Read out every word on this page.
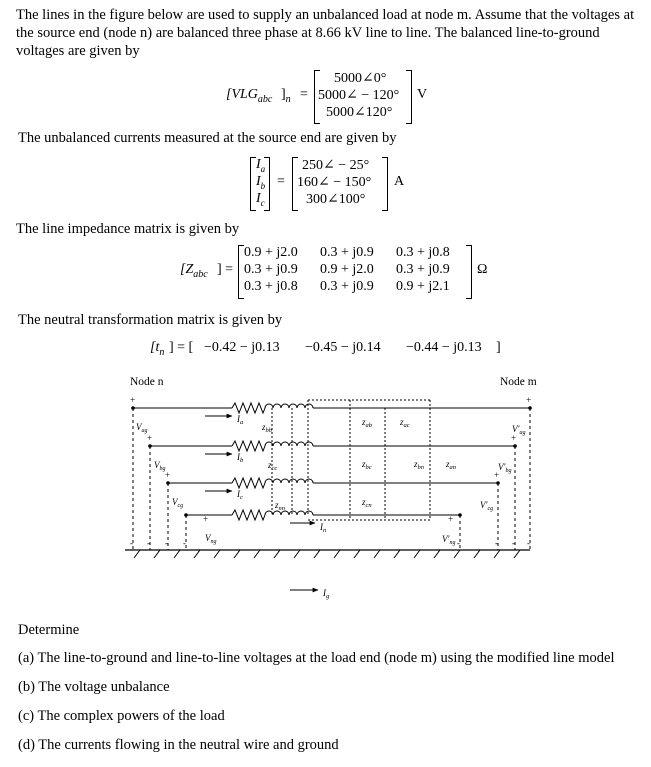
The lines in the figure below are used to supply an unbalanced load at node m. Assume that the voltages at
the source end (node n) are balanced three phase at 8.66 kV line to line. The balanced line-to-ground
voltages are given by
[$VLG_{abc}$ ]$_n$ =
5000∠0°
5000∠ − 120°
5000∠120°
V
The unbalanced currents measured at the source end are given by
$I_a$
$I_b$
$I_c$
=
250∠ − 25°
160∠ − 150°
300∠100°
A
The line impedance matrix is given by
[$Z_{abc}$ ] =
0.9 + j2.0 0.3 + j0.9 0.3 + j0.8
0.3 + j0.9 0.9 + j2.0 0.3 + j0.9
0.3 + j0.8 0.3 + j0.9 0.9 + j2.1
Ω
The neutral transformation matrix is given by
[$t_n$ ] = [ −0.42 − j0.13 −0.45 − j0.14 −0.44 − j0.13 ]
Node n	Node m
$I_a$
$I_b$
$I_c$
$I_n$
$I_g$
$z_{bb}$
$z_{cc}$
$z_{nn}$
$z_{ab}$	$z_{ac}$
$z_{bc}$	$z_{bn}$ $z_{an}$
$z_{cn}$
$V_{ag}$
$V_{bg}$
$V_{cg}$
$V_{ng}$
$V'_{ag}$
$V'_{bg}$
$V'_{cg}$
$V'_{ng}$
+
+
+
+
+
+
+
+
- - - -	-	- - -
Determine
(a) The line-to-ground and line-to-line voltages at the load end (node m) using the modified line model
(b) The voltage unbalance
(c) The complex powers of the load
(d) The currents flowing in the neutral wire and ground
